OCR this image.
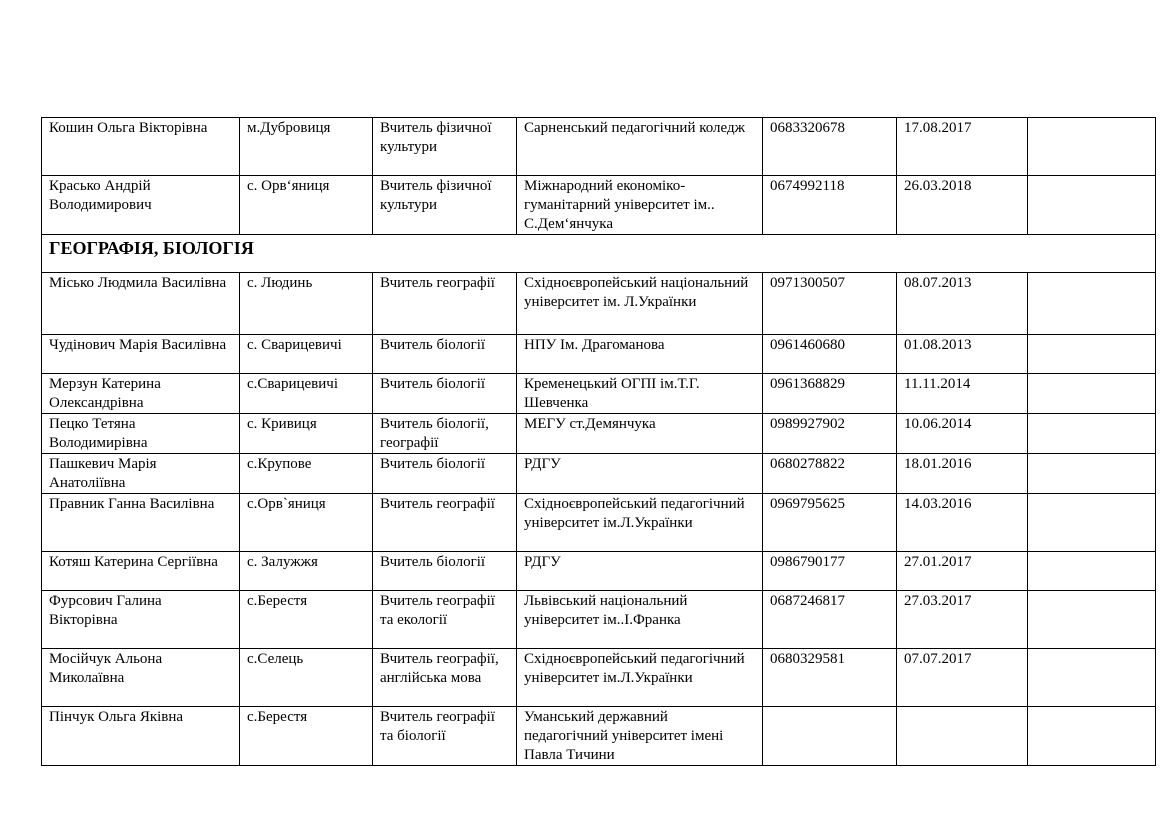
Кошин Ольга Вікторівна	м.Дубровиця	Вчитель фізичної культури	Сарненський педагогічний коледж	0683320678	17.08.2017	
Красько Андрій Володимирович	с. Орв‘яниця	Вчитель фізичної культури	Міжнародний економіко-гуманітарний університет ім.. С.Дем‘янчука	0674992118	26.03.2018	
ГЕОГРАФІЯ, БІОЛОГІЯ						
Місько Людмила Василівна	с. Людинь	Вчитель географії	Східноєвропейський національний університет ім. Л.Українки	0971300507	08.07.2013	
Чудінович Марія Василівна	с. Сварицевичі	Вчитель біології	НПУ Ім. Драгоманова	0961460680	01.08.2013	
Мерзун Катерина Олександрівна	с.Сварицевичі	Вчитель біології	Кременецький ОГПІ ім.Т.Г. Шевченка	0961368829	11.11.2014	
Пецко Тетяна Володимирівна	с. Кривиця	Вчитель біології, географії	МЕГУ ст.Демянчука	0989927902	10.06.2014	
Пашкевич Марія Анатоліївна	с.Крупове	Вчитель біології	РДГУ	0680278822	18.01.2016	
Правник Ганна Василівна	с.Орв`яниця	Вчитель географії	Східноєвропейський педагогічний університет ім.Л.Українки	0969795625	14.03.2016	
Котяш Катерина Сергіївна	с. Залужжя	Вчитель біології	РДГУ	0986790177	27.01.2017	
Фурсович Галина Вікторівна	с.Берестя	Вчитель географії та екології	Львівський національний університет ім..І.Франка	0687246817	27.03.2017	
Мосійчук Альона Миколаївна	с.Селець	Вчитель географії, англійська мова	Східноєвропейський педагогічний університет ім.Л.Українки	0680329581	07.07.2017	
Пінчук Ольга Яківна	с.Берестя	Вчитель географії та біології	Уманський державний педагогічний університет імені Павла Тичини			
